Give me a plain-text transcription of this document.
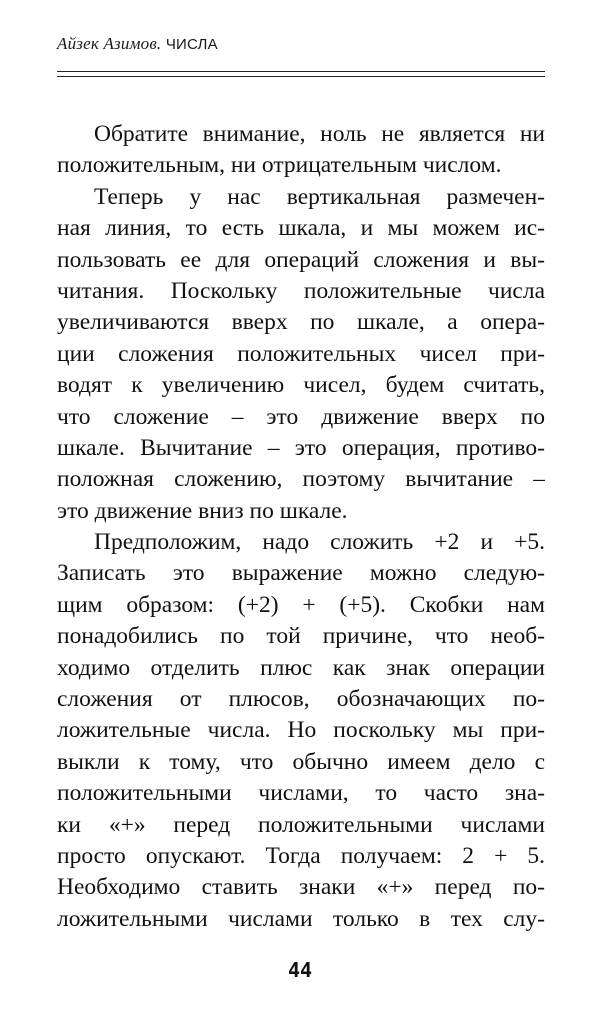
Айзек Азимов. ЧИСЛА
Обратите внимание, ноль не является ни
положительным, ни отрицательным числом.
Теперь у нас вертикальная размечен-
ная линия, то есть шкала, и мы можем ис-
пользовать ее для операций сложения и вы-
читания. Поскольку положительные числа
увеличиваются вверх по шкале, а опера-
ции сложения положительных чисел при-
водят к увеличению чисел, будем считать,
что сложение – это движение вверх по
шкале. Вычитание – это операция, противо-
положная сложению, поэтому вычитание –
это движение вниз по шкале.
Предположим, надо сложить +2 и +5.
Записать это выражение можно следую-
щим образом: (+2) + (+5). Скобки нам
понадобились по той причине, что необ-
ходимо отделить плюс как знак операции
сложения от плюсов, обозначающих по-
ложительные числа. Но поскольку мы при-
выкли к тому, что обычно имеем дело с
положительными числами, то часто зна-
ки «+» перед положительными числами
просто опускают. Тогда получаем: 2 + 5.
Необходимо ставить знаки «+» перед по-
ложительными числами только в тех слу-
44
